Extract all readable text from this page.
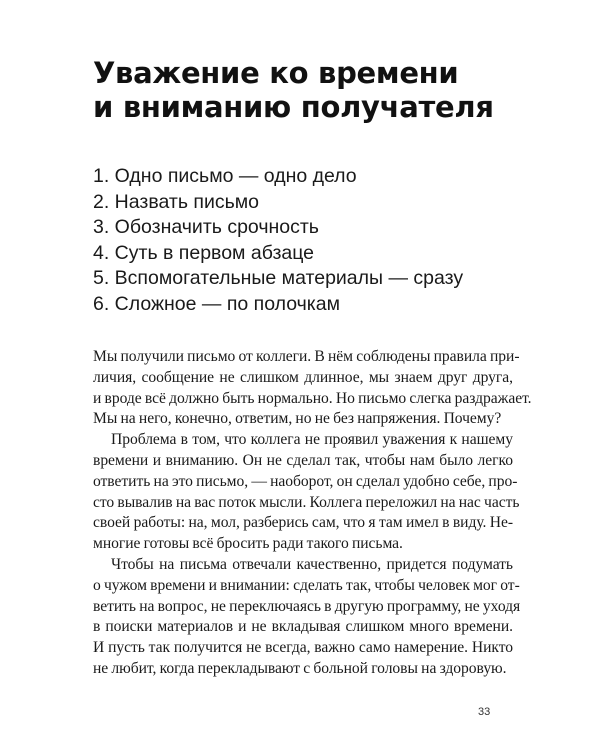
Уважение ко времени
и вниманию получателя
1. Одно письмо — одно дело
2. Назвать письмо
3. Обозначить срочность
4. Суть в первом абзаце
5. Вспомогательные материалы — сразу
6. Сложное — по полочкам

Мы получили письмо от коллеги. В нём соблюдены правила при-
личия, сообщение не слишком длинное, мы знаем друг друга,
и вроде всё должно быть нормально. Но письмо слегка раздражает.
Мы на него, конечно, ответим, но не без напряжения. Почему?

Проблема в том, что коллега не проявил уважения к нашему
времени и вниманию. Он не сделал так, чтобы нам было легко
ответить на это письмо, — наоборот, он сделал удобно себе, про-
сто вывалив на вас поток мысли. Коллега переложил на нас часть
своей работы: на, мол, разберись сам, что я там имел в виду. Не-
многие готовы всё бросить ради такого письма.

Чтобы на письма отвечали качественно, придется подумать
о чужом времени и внимании: сделать так, чтобы человек мог от-
ветить на вопрос, не переключаясь в другую программу, не уходя
в поиски материалов и не вкладывая слишком много времени.
И пусть так получится не всегда, важно само намерение. Никто
не любит, когда перекладывают с больной головы на здоровую.

33
